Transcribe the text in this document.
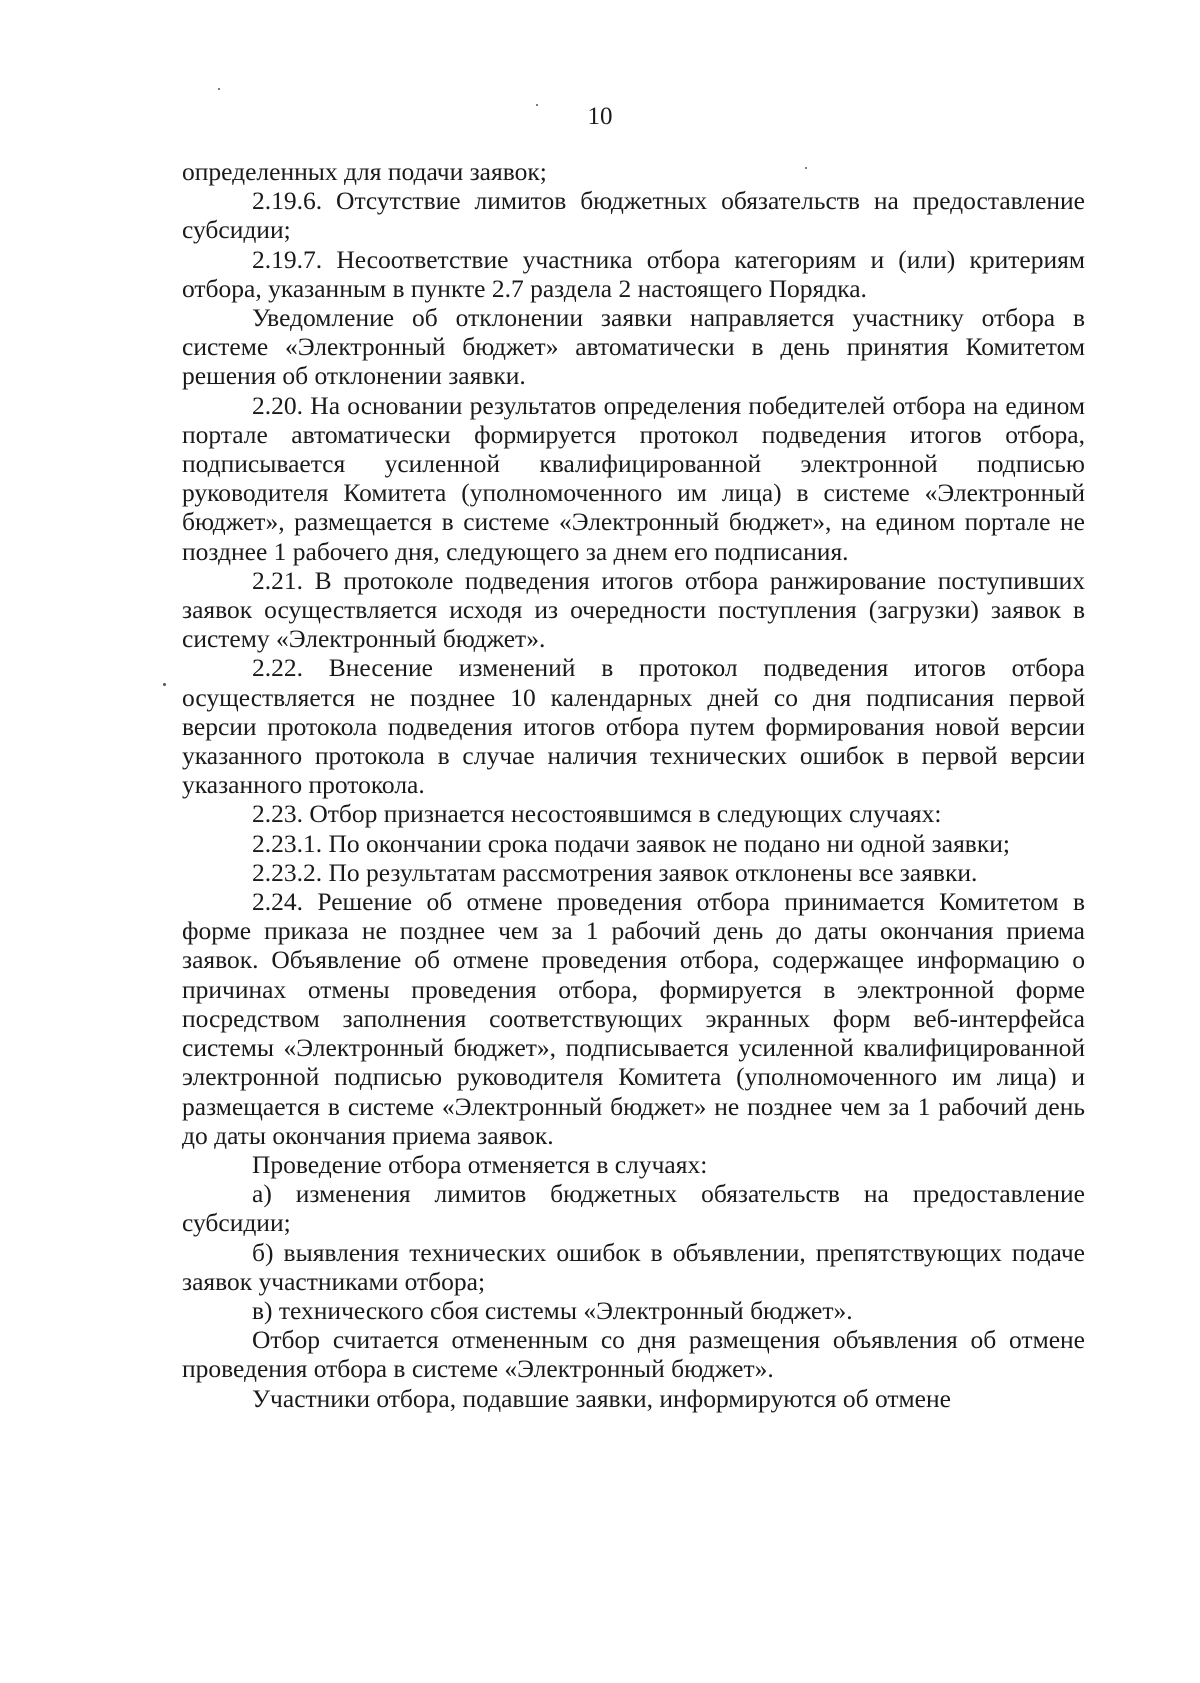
10

определенных для подачи заявок;

2.19.6. Отсутствие лимитов бюджетных обязательств на предоставление субсидии;

2.19.7. Несоответствие участника отбора категориям и (или) критериям отбора, указанным в пункте 2.7 раздела 2 настоящего Порядка.

Уведомление об отклонении заявки направляется участнику отбора в системе «Электронный бюджет» автоматически в день принятия Комитетом решения об отклонении заявки.

2.20. На основании результатов определения победителей отбора на едином портале автоматически формируется протокол подведения итогов отбора, подписывается усиленной квалифицированной электронной подписью руководителя Комитета (уполномоченного им лица) в системе «Электронный бюджет», размещается в системе «Электронный бюджет», на едином портале не позднее 1 рабочего дня, следующего за днем его подписания.

2.21. В протоколе подведения итогов отбора ранжирование поступивших заявок осуществляется исходя из очередности поступления (загрузки) заявок в систему «Электронный бюджет».

2.22. Внесение изменений в протокол подведения итогов отбора осуществляется не позднее 10 календарных дней со дня подписания первой версии протокола подведения итогов отбора путем формирования новой версии указанного протокола в случае наличия технических ошибок в первой версии указанного протокола.

2.23. Отбор признается несостоявшимся в следующих случаях:

2.23.1. По окончании срока подачи заявок не подано ни одной заявки;

2.23.2. По результатам рассмотрения заявок отклонены все заявки.

2.24. Решение об отмене проведения отбора принимается Комитетом в форме приказа не позднее чем за 1 рабочий день до даты окончания приема заявок. Объявление об отмене проведения отбора, содержащее информацию о причинах отмены проведения отбора, формируется в электронной форме посредством заполнения соответствующих экранных форм веб-интерфейса системы «Электронный бюджет», подписывается усиленной квалифицированной электронной подписью руководителя Комитета (уполномоченного им лица) и размещается в системе «Электронный бюджет» не позднее чем за 1 рабочий день до даты окончания приема заявок.

Проведение отбора отменяется в случаях:

а) изменения лимитов бюджетных обязательств на предоставление субсидии;

б) выявления технических ошибок в объявлении, препятствующих подаче заявок участниками отбора;

в) технического сбоя системы «Электронный бюджет».

Отбор считается отмененным со дня размещения объявления об отмене проведения отбора в системе «Электронный бюджет».

Участники отбора, подавшие заявки, информируются об отмене
